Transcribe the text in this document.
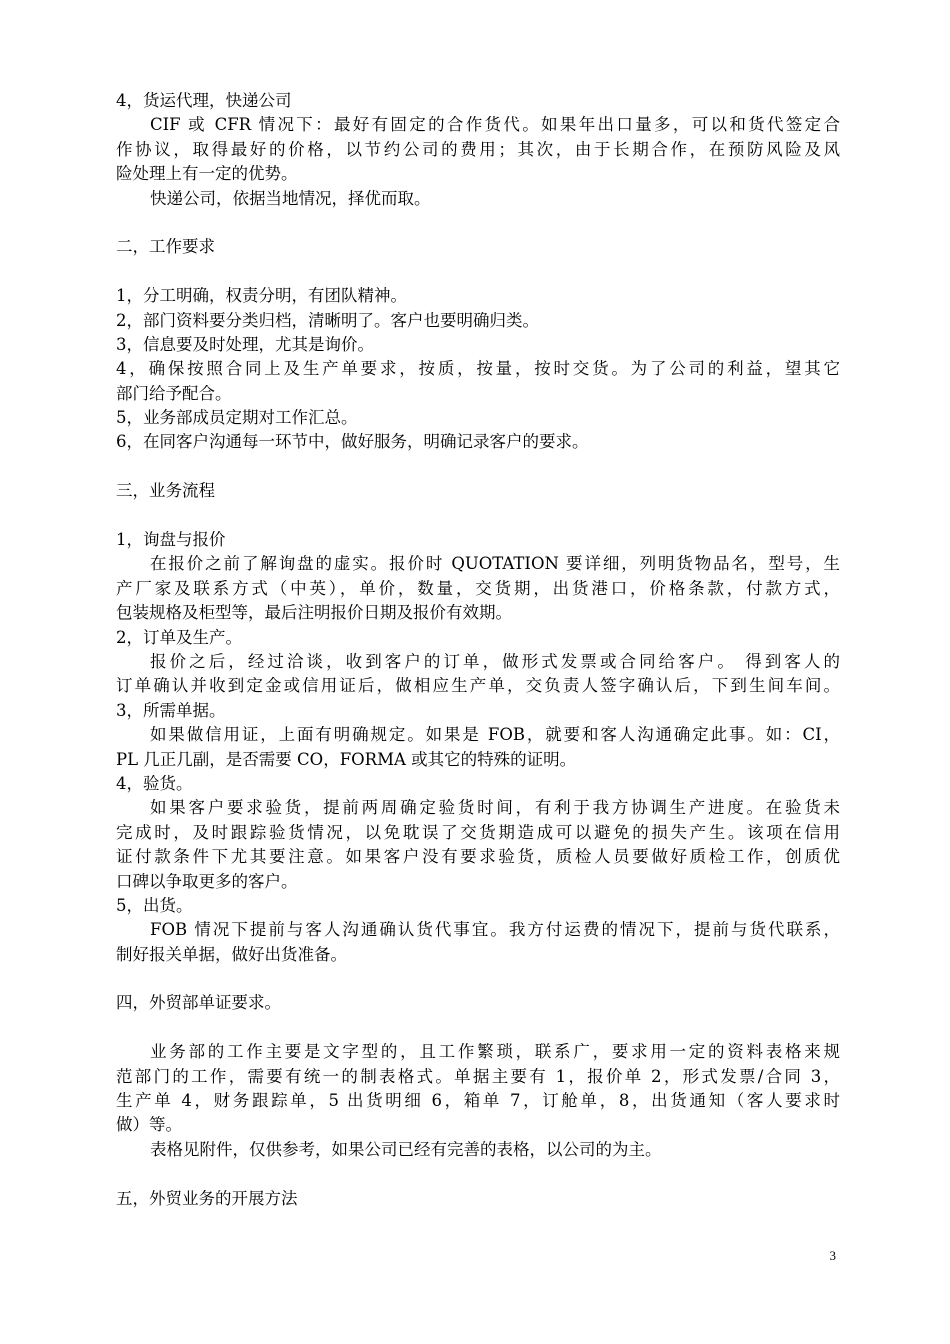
4，货运代理，快递公司
CIF 或 CFR 情况下：最好有固定的合作货代。如果年出口量多，可以和货代签定合
作协议，取得最好的价格，以节约公司的费用；其次，由于长期合作，在预防风险及风
险处理上有一定的优势。
快递公司，依据当地情况，择优而取。
二，工作要求
1，分工明确，权责分明，有团队精神。
2，部门资料要分类归档，清晰明了。客户也要明确归类。
3，信息要及时处理，尤其是询价。
4，确保按照合同上及生产单要求，按质，按量，按时交货。为了公司的利益，望其它
部门给予配合。
5，业务部成员定期对工作汇总。
6，在同客户沟通每一环节中，做好服务，明确记录客户的要求。
三，业务流程
1，询盘与报价
在报价之前了解询盘的虚实。报价时 QUOTATION 要详细，列明货物品名，型号，生
产厂家及联系方式（中英），单价，数量，交货期，出货港口，价格条款，付款方式，
包装规格及柜型等，最后注明报价日期及报价有效期。
2，订单及生产。
报价之后，经过洽谈，收到客户的订单，做形式发票或合同给客户。 得到客人的
订单确认并收到定金或信用证后，做相应生产单，交负责人签字确认后，下到生间车间。
3，所需单据。
如果做信用证，上面有明确规定。如果是 FOB，就要和客人沟通确定此事。如：CI，
PL 几正几副，是否需要 CO，FORMA 或其它的特殊的证明。
4，验货。
如果客户要求验货，提前两周确定验货时间，有利于我方协调生产进度。在验货未
完成时，及时跟踪验货情况，以免耽误了交货期造成可以避免的损失产生。该项在信用
证付款条件下尤其要注意。如果客户没有要求验货，质检人员要做好质检工作，创质优
口碑以争取更多的客户。
5，出货。
FOB 情况下提前与客人沟通确认货代事宜。我方付运费的情况下，提前与货代联系，
制好报关单据，做好出货准备。
四，外贸部单证要求。
业务部的工作主要是文字型的，且工作繁琐，联系广，要求用一定的资料表格来规
范部门的工作，需要有统一的制表格式。单据主要有 1，报价单 2，形式发票/合同 3，
生产单 4，财务跟踪单，5 出货明细 6，箱单 7，订舱单，8，出货通知（客人要求时
做）等。
表格见附件，仅供参考，如果公司已经有完善的表格，以公司的为主。
五，外贸业务的开展方法
3
